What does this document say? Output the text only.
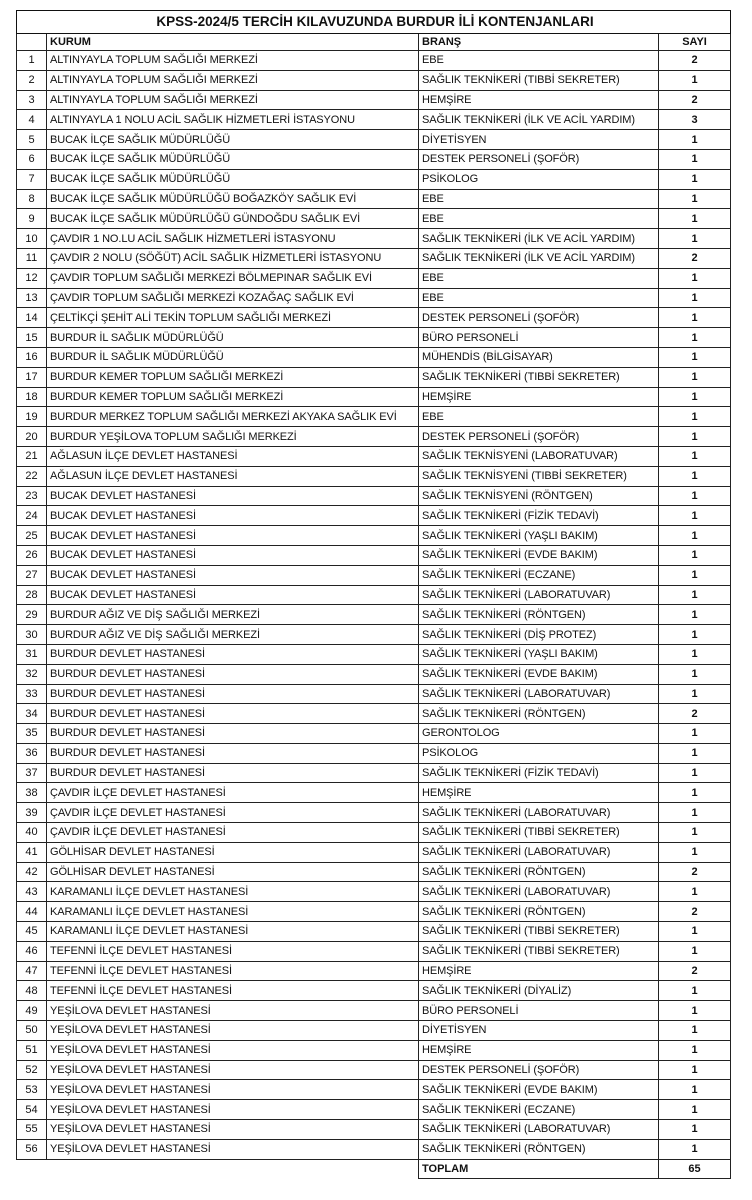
KPSS-2024/5 TERCİH KILAVUZUNDA BURDUR İLİ KONTENJANLARI			
	KURUM	BRANŞ	SAYI
1	ALTINYAYLA TOPLUM SAĞLIĞI MERKEZİ	EBE	2
2	ALTINYAYLA TOPLUM SAĞLIĞI MERKEZİ	SAĞLIK TEKNİKERİ (TIBBİ SEKRETER)	1
3	ALTINYAYLA TOPLUM SAĞLIĞI MERKEZİ	HEMŞİRE	2
4	ALTINYAYLA 1 NOLU ACİL SAĞLIK HİZMETLERİ İSTASYONU	SAĞLIK TEKNİKERİ (İLK VE ACİL YARDIM)	3
5	BUCAK İLÇE SAĞLIK MÜDÜRLÜĞÜ	DİYETİSYEN	1
6	BUCAK İLÇE SAĞLIK MÜDÜRLÜĞÜ	DESTEK PERSONELİ (ŞOFÖR)	1
7	BUCAK İLÇE SAĞLIK MÜDÜRLÜĞÜ	PSİKOLOG	1
8	BUCAK İLÇE SAĞLIK MÜDÜRLÜĞÜ BOĞAZKÖY SAĞLIK EVİ	EBE	1
9	BUCAK İLÇE SAĞLIK MÜDÜRLÜĞÜ GÜNDOĞDU SAĞLIK EVİ	EBE	1
10	ÇAVDIR 1 NO.LU ACİL SAĞLIK HİZMETLERİ İSTASYONU	SAĞLIK TEKNİKERİ (İLK VE ACİL YARDIM)	1
11	ÇAVDIR 2 NOLU (SÖĞÜT) ACİL SAĞLIK HİZMETLERİ İSTASYONU	SAĞLIK TEKNİKERİ (İLK VE ACİL YARDIM)	2
12	ÇAVDIR TOPLUM SAĞLIĞI MERKEZİ BÖLMEPINAR SAĞLIK EVİ	EBE	1
13	ÇAVDIR TOPLUM SAĞLIĞI MERKEZİ KOZAĞAÇ SAĞLIK EVİ	EBE	1
14	ÇELTİKÇİ ŞEHİT ALİ TEKİN TOPLUM SAĞLIĞI MERKEZİ	DESTEK PERSONELİ (ŞOFÖR)	1
15	BURDUR İL SAĞLIK MÜDÜRLÜĞÜ	BÜRO PERSONELİ	1
16	BURDUR İL SAĞLIK MÜDÜRLÜĞÜ	MÜHENDİS (BİLGİSAYAR)	1
17	BURDUR KEMER TOPLUM SAĞLIĞI MERKEZİ	SAĞLIK TEKNİKERİ (TIBBİ SEKRETER)	1
18	BURDUR KEMER TOPLUM SAĞLIĞI MERKEZİ	HEMŞİRE	1
19	BURDUR MERKEZ TOPLUM SAĞLIĞI MERKEZİ AKYAKA SAĞLIK EVİ	EBE	1
20	BURDUR YEŞİLOVA TOPLUM SAĞLIĞI MERKEZİ	DESTEK PERSONELİ (ŞOFÖR)	1
21	AĞLASUN İLÇE DEVLET HASTANESİ	SAĞLIK TEKNİSYENİ (LABORATUVAR)	1
22	AĞLASUN İLÇE DEVLET HASTANESİ	SAĞLIK TEKNİSYENİ (TIBBİ SEKRETER)	1
23	BUCAK DEVLET HASTANESİ	SAĞLIK TEKNİSYENİ (RÖNTGEN)	1
24	BUCAK DEVLET HASTANESİ	SAĞLIK TEKNİKERİ (FİZİK TEDAVİ)	1
25	BUCAK DEVLET HASTANESİ	SAĞLIK TEKNİKERİ (YAŞLI BAKIM)	1
26	BUCAK DEVLET HASTANESİ	SAĞLIK TEKNİKERİ (EVDE BAKIM)	1
27	BUCAK DEVLET HASTANESİ	SAĞLIK TEKNİKERİ (ECZANE)	1
28	BUCAK DEVLET HASTANESİ	SAĞLIK TEKNİKERİ (LABORATUVAR)	1
29	BURDUR AĞIZ VE DİŞ SAĞLIĞI MERKEZİ	SAĞLIK TEKNİKERİ (RÖNTGEN)	1
30	BURDUR AĞIZ VE DİŞ SAĞLIĞI MERKEZİ	SAĞLIK TEKNİKERİ (DİŞ PROTEZ)	1
31	BURDUR DEVLET HASTANESİ	SAĞLIK TEKNİKERİ (YAŞLI BAKIM)	1
32	BURDUR DEVLET HASTANESİ	SAĞLIK TEKNİKERİ (EVDE BAKIM)	1
33	BURDUR DEVLET HASTANESİ	SAĞLIK TEKNİKERİ (LABORATUVAR)	1
34	BURDUR DEVLET HASTANESİ	SAĞLIK TEKNİKERİ (RÖNTGEN)	2
35	BURDUR DEVLET HASTANESİ	GERONTOLOG	1
36	BURDUR DEVLET HASTANESİ	PSİKOLOG	1
37	BURDUR DEVLET HASTANESİ	SAĞLIK TEKNİKERİ (FİZİK TEDAVİ)	1
38	ÇAVDIR İLÇE DEVLET HASTANESİ	HEMŞİRE	1
39	ÇAVDIR İLÇE DEVLET HASTANESİ	SAĞLIK TEKNİKERİ (LABORATUVAR)	1
40	ÇAVDIR İLÇE DEVLET HASTANESİ	SAĞLIK TEKNİKERİ (TIBBİ SEKRETER)	1
41	GÖLHİSAR DEVLET HASTANESİ	SAĞLIK TEKNİKERİ (LABORATUVAR)	1
42	GÖLHİSAR DEVLET HASTANESİ	SAĞLIK TEKNİKERİ (RÖNTGEN)	2
43	KARAMANLI İLÇE DEVLET HASTANESİ	SAĞLIK TEKNİKERİ (LABORATUVAR)	1
44	KARAMANLI İLÇE DEVLET HASTANESİ	SAĞLIK TEKNİKERİ (RÖNTGEN)	2
45	KARAMANLI İLÇE DEVLET HASTANESİ	SAĞLIK TEKNİKERİ (TIBBİ SEKRETER)	1
46	TEFENNİ İLÇE DEVLET HASTANESİ	SAĞLIK TEKNİKERİ (TIBBİ SEKRETER)	1
47	TEFENNİ İLÇE DEVLET HASTANESİ	HEMŞİRE	2
48	TEFENNİ İLÇE DEVLET HASTANESİ	SAĞLIK TEKNİKERİ (DİYALİZ)	1
49	YEŞİLOVA DEVLET HASTANESİ	BÜRO PERSONELİ	1
50	YEŞİLOVA DEVLET HASTANESİ	DİYETİSYEN	1
51	YEŞİLOVA DEVLET HASTANESİ	HEMŞİRE	1
52	YEŞİLOVA DEVLET HASTANESİ	DESTEK PERSONELİ (ŞOFÖR)	1
53	YEŞİLOVA DEVLET HASTANESİ	SAĞLIK TEKNİKERİ (EVDE BAKIM)	1
54	YEŞİLOVA DEVLET HASTANESİ	SAĞLIK TEKNİKERİ (ECZANE)	1
55	YEŞİLOVA DEVLET HASTANESİ	SAĞLIK TEKNİKERİ (LABORATUVAR)	1
56	YEŞİLOVA DEVLET HASTANESİ	SAĞLIK TEKNİKERİ (RÖNTGEN)	1
		TOPLAM	65
